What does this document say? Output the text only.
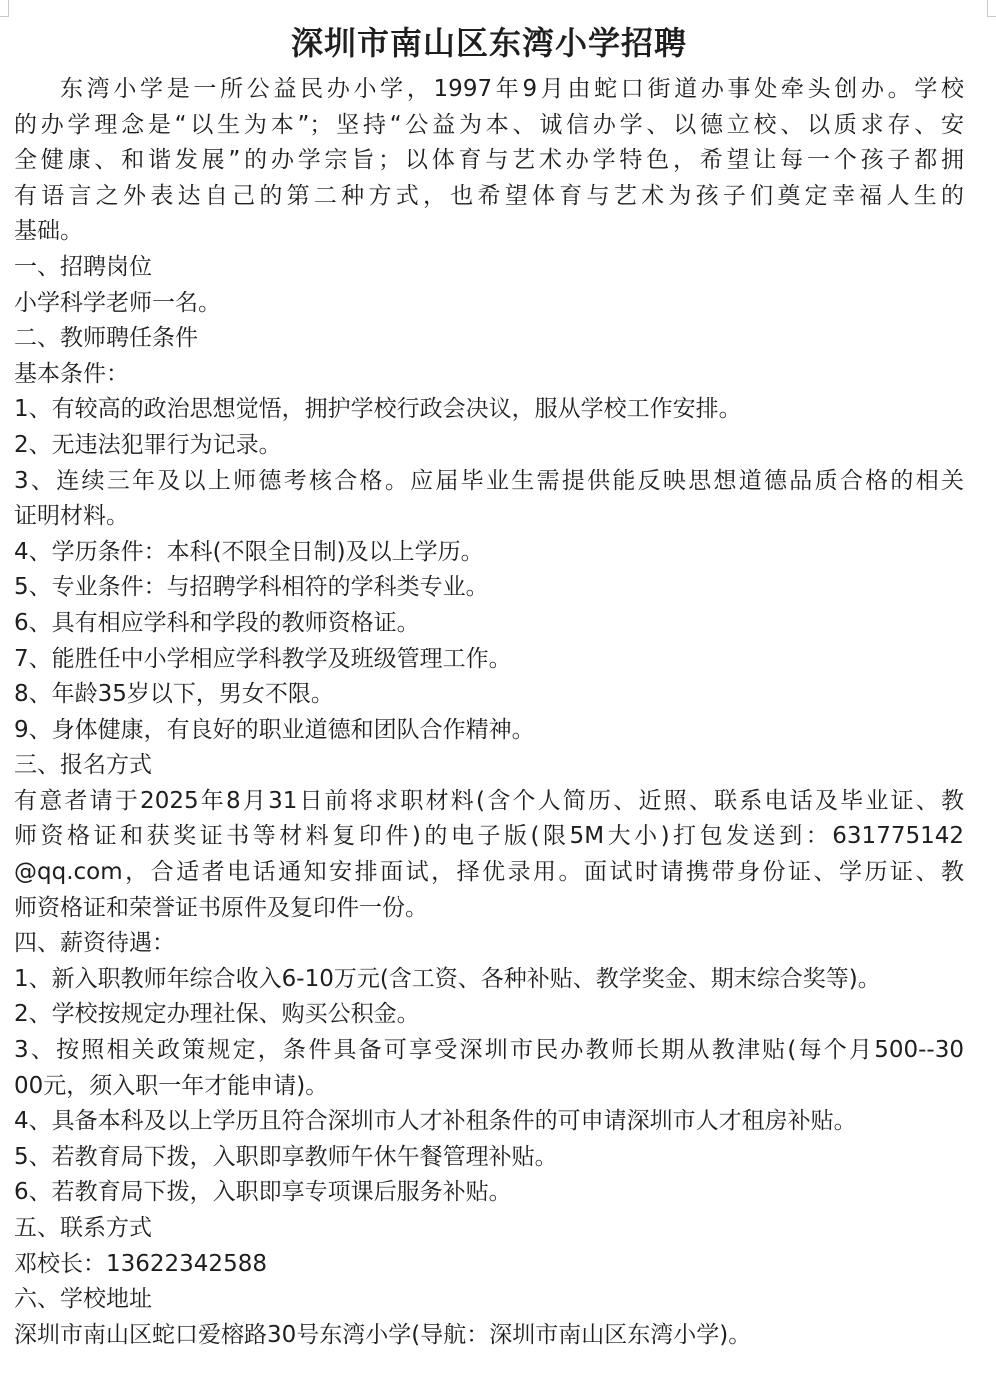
深圳市南山区东湾小学招聘

东湾小学是一所公益民办小学，1997年9月由蛇口街道办事处牵头创办。学校

的办学理念是“以生为本”；坚持“公益为本、诚信办学、以德立校、以质求存、安

全健康、和谐发展”的办学宗旨；以体育与艺术办学特色，希望让每一个孩子都拥

有语言之外表达自己的第二种方式，也希望体育与艺术为孩子们奠定幸福人生的

基础。

一、招聘岗位

小学科学老师一名。

二、教师聘任条件

基本条件：

1、有较高的政治思想觉悟，拥护学校行政会决议，服从学校工作安排。

2、无违法犯罪行为记录。

3、连续三年及以上师德考核合格。应届毕业生需提供能反映思想道德品质合格的相关

证明材料。

4、学历条件：本科(不限全日制)及以上学历。

5、专业条件：与招聘学科相符的学科类专业。

6、具有相应学科和学段的教师资格证。

7、能胜任中小学相应学科教学及班级管理工作。

8、年龄35岁以下，男女不限。

9、身体健康，有良好的职业道德和团队合作精神。

三、报名方式

有意者请于2025年8月31日前将求职材料(含个人简历、近照、联系电话及毕业证、教

师资格证和获奖证书等材料复印件)的电子版(限5M大小)打包发送到：631775142

@qq.com，合适者电话通知安排面试，择优录用。面试时请携带身份证、学历证、教

师资格证和荣誉证书原件及复印件一份。

四、薪资待遇：

1、新入职教师年综合收入6-10万元(含工资、各种补贴、教学奖金、期末综合奖等)。

2、学校按规定办理社保、购买公积金。

3、按照相关政策规定，条件具备可享受深圳市民办教师长期从教津贴(每个月500--30

00元，须入职一年才能申请)。

4、具备本科及以上学历且符合深圳市人才补租条件的可申请深圳市人才租房补贴。

5、若教育局下拨，入职即享教师午休午餐管理补贴。

6、若教育局下拨，入职即享专项课后服务补贴。

五、联系方式

邓校长：13622342588

六、学校地址

深圳市南山区蛇口爱榕路30号东湾小学(导航：深圳市南山区东湾小学)。
